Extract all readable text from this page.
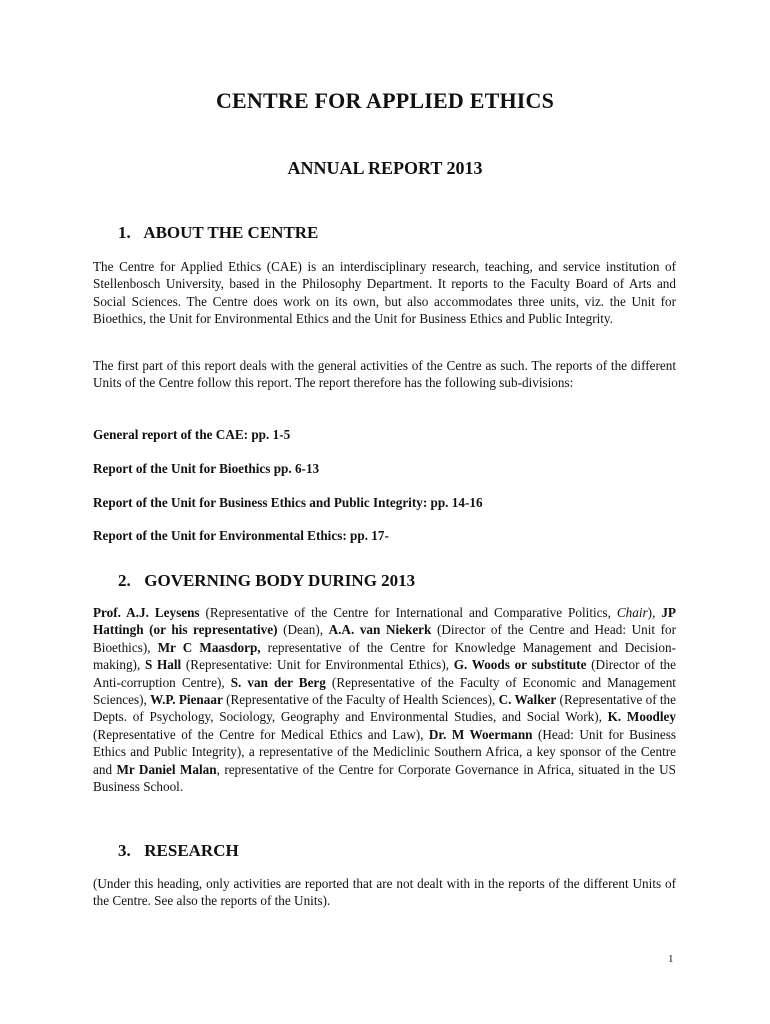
CENTRE FOR APPLIED ETHICS
ANNUAL REPORT 2013
1. ABOUT THE CENTRE

The Centre for Applied Ethics (CAE) is an interdisciplinary research, teaching, and service institution of Stellenbosch University, based in the Philosophy Department. It reports to the Faculty Board of Arts and Social Sciences. The Centre does work on its own, but also accommodates three units, viz. the Unit for Bioethics, the Unit for Environmental Ethics and the Unit for Business Ethics and Public Integrity.

The first part of this report deals with the general activities of the Centre as such. The reports of the different Units of the Centre follow this report. The report therefore has the following sub-divisions:

General report of the CAE: pp. 1-5
Report of the Unit for Bioethics pp. 6-13
Report of the Unit for Business Ethics and Public Integrity: pp. 14-16
Report of the Unit for Environmental Ethics: pp. 17-
2. GOVERNING BODY DURING 2013

Prof. A.J. Leysens (Representative of the Centre for International and Comparative Politics, Chair), JP Hattingh (or his representative) (Dean), A.A. van Niekerk (Director of the Centre and Head: Unit for Bioethics), Mr C Maasdorp, representative of the Centre for Knowledge Management and Decision-making), S Hall (Representative: Unit for Environmental Ethics), G. Woods or substitute (Director of the Anti-corruption Centre), S. van der Berg (Representative of the Faculty of Economic and Management Sciences), W.P. Pienaar (Representative of the Faculty of Health Sciences), C. Walker (Representative of the Depts. of Psychology, Sociology, Geography and Environmental Studies, and Social Work), K. Moodley (Representative of the Centre for Medical Ethics and Law), Dr. M Woermann (Head: Unit for Business Ethics and Public Integrity), a representative of the Mediclinic Southern Africa, a key sponsor of the Centre and Mr Daniel Malan, representative of the Centre for Corporate Governance in Africa, situated in the US Business School.

3. RESEARCH

(Under this heading, only activities are reported that are not dealt with in the reports of the different Units of the Centre. See also the reports of the Units).

1
